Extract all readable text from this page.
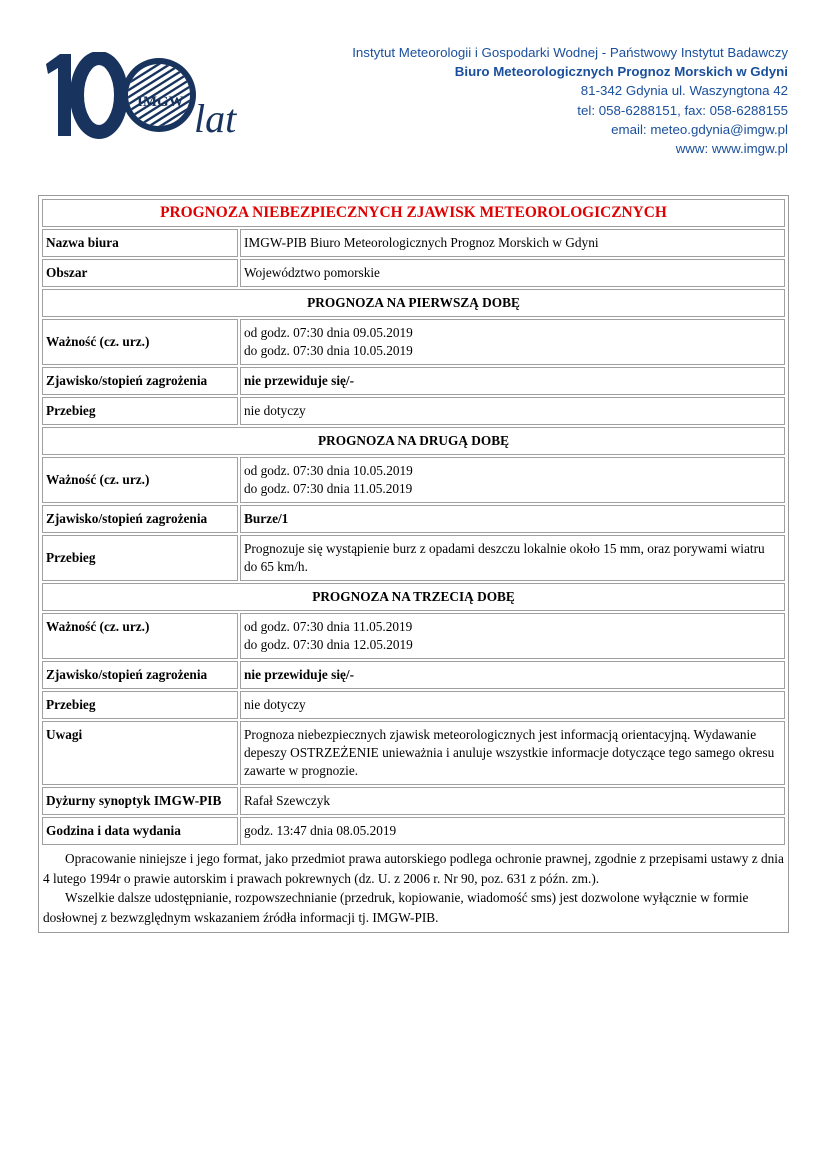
IMGW lat
Instytut Meteorologii i Gospodarki Wodnej - Państwowy Instytut Badawczy
Biuro Meteorologicznych Prognoz Morskich w Gdyni
81-342 Gdynia ul. Waszyngtona 42
tel: 058-6288151, fax: 058-6288155
email: meteo.gdynia@imgw.pl
www: www.imgw.pl
PROGNOZA NIEBEZPIECZNYCH ZJAWISK METEOROLOGICZNYCH	
Nazwa biura	IMGW-PIB Biuro Meteorologicznych Prognoz Morskich w Gdyni
Obszar	Województwo pomorskie
PROGNOZA NA PIERWSZĄ DOBĘ	
Ważność (cz. urz.)	od godz. 07:30 dnia 09.05.2019
do godz. 07:30 dnia 10.05.2019

Zjawisko/stopień zagrożenia	nie przewiduje się/-
Przebieg	nie dotyczy
PROGNOZA NA DRUGĄ DOBĘ	
Ważność (cz. urz.)	od godz. 07:30 dnia 10.05.2019
do godz. 07:30 dnia 11.05.2019

Zjawisko/stopień zagrożenia	Burze/1
Przebieg	Prognozuje się wystąpienie burz z opadami deszczu lokalnie około 15 mm, oraz porywami wiatru do 65 km/h.
PROGNOZA NA TRZECIĄ DOBĘ	
Ważność (cz. urz.)	od godz. 07:30 dnia 11.05.2019
do godz. 07:30 dnia 12.05.2019

Zjawisko/stopień zagrożenia	nie przewiduje się/-
Przebieg	nie dotyczy
Uwagi	Prognoza niebezpiecznych zjawisk meteorologicznych jest informacją orientacyjną. Wydawanie depeszy OSTRZEŻENIE unieważnia i anuluje wszystkie informacje dotyczące tego samego okresu zawarte w prognozie.
Dyżurny synoptyk IMGW-PIB	Rafał Szewczyk
Godzina i data wydania	godz. 13:47 dnia 08.05.2019

Opracowanie niniejsze i jego format, jako przedmiot prawa autorskiego podlega ochronie prawnej, zgodnie z przepisami ustawy z dnia 4 lutego 1994r o prawie autorskim i prawach pokrewnych (dz. U. z 2006 r. Nr 90, poz. 631 z późn. zm.).

Wszelkie dalsze udostępnianie, rozpowszechnianie (przedruk, kopiowanie, wiadomość sms) jest dozwolone wyłącznie w formie dosłownej z bezwzględnym wskazaniem źródła informacji tj. IMGW-PIB.
